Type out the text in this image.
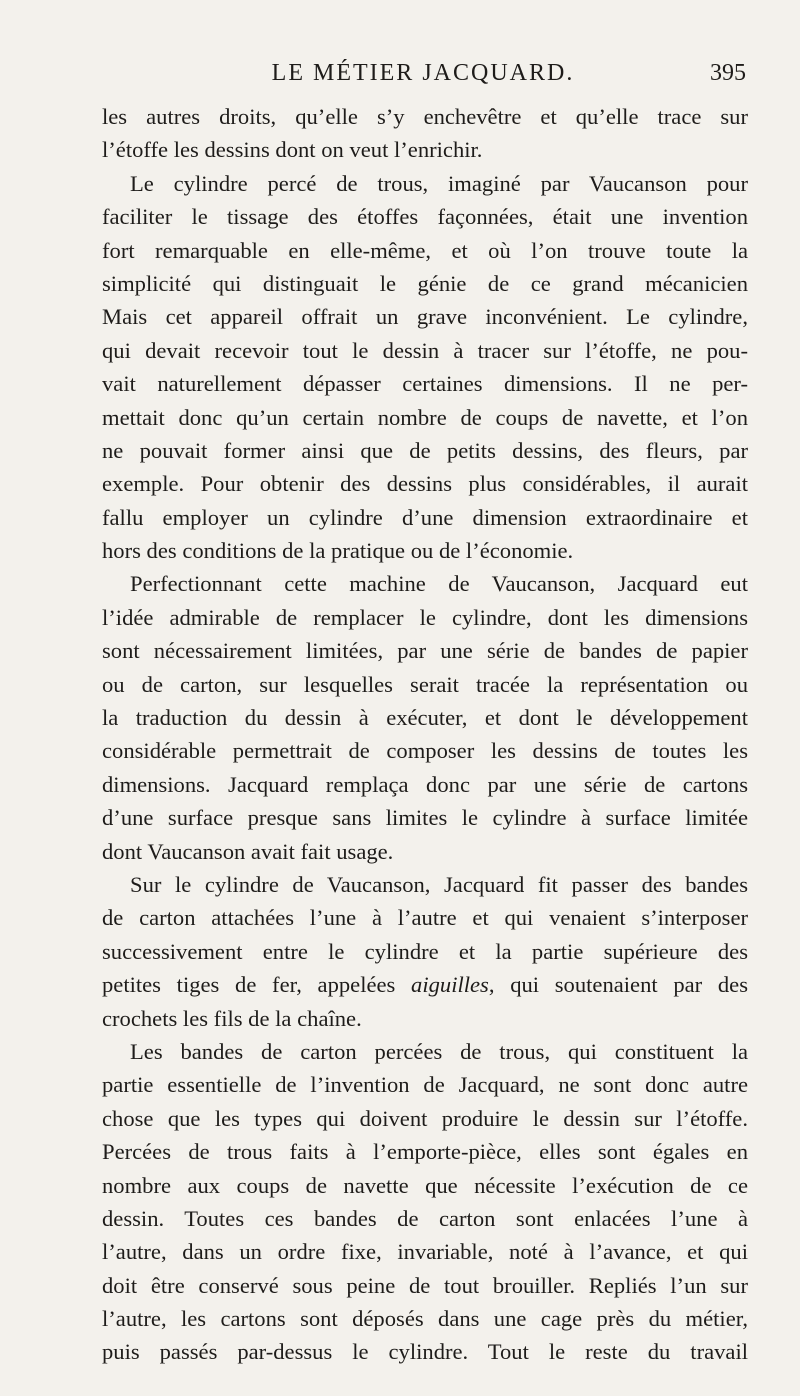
LE MÉTIER JACQUARD.	395
les autres droits, qu’elle s’y enchevêtre et qu’elle trace sur
l’étoffe les dessins dont on veut l’enrichir.
Le cylindre percé de trous, imaginé par Vaucanson pour
faciliter le tissage des étoffes façonnées, était une invention
fort remarquable en elle-même, et où l’on trouve toute la
simplicité qui distinguait le génie de ce grand mécanicien
Mais cet appareil offrait un grave inconvénient. Le cylindre,
qui devait recevoir tout le dessin à tracer sur l’étoffe, ne pou-
vait naturellement dépasser certaines dimensions. Il ne per-
mettait donc qu’un certain nombre de coups de navette, et l’on
ne pouvait former ainsi que de petits dessins, des fleurs, par
exemple. Pour obtenir des dessins plus considérables, il aurait
fallu employer un cylindre d’une dimension extraordinaire et
hors des conditions de la pratique ou de l’économie.
Perfectionnant cette machine de Vaucanson, Jacquard eut
l’idée admirable de remplacer le cylindre, dont les dimensions
sont nécessairement limitées, par une série de bandes de papier
ou de carton, sur lesquelles serait tracée la représentation ou
la traduction du dessin à exécuter, et dont le développement
considérable permettrait de composer les dessins de toutes les
dimensions. Jacquard remplaça donc par une série de cartons
d’une surface presque sans limites le cylindre à surface limitée
dont Vaucanson avait fait usage.
Sur le cylindre de Vaucanson, Jacquard fit passer des bandes
de carton attachées l’une à l’autre et qui venaient s’interposer
successivement entre le cylindre et la partie supérieure des
petites tiges de fer, appelées aiguilles, qui soutenaient par des
crochets les fils de la chaîne.
Les bandes de carton percées de trous, qui constituent la
partie essentielle de l’invention de Jacquard, ne sont donc autre
chose que les types qui doivent produire le dessin sur l’étoffe.
Percées de trous faits à l’emporte-pièce, elles sont égales en
nombre aux coups de navette que nécessite l’exécution de ce
dessin. Toutes ces bandes de carton sont enlacées l’une à
l’autre, dans un ordre fixe, invariable, noté à l’avance, et qui
doit être conservé sous peine de tout brouiller. Repliés l’un sur
l’autre, les cartons sont déposés dans une cage près du métier,
puis passés par-dessus le cylindre. Tout le reste du travail
